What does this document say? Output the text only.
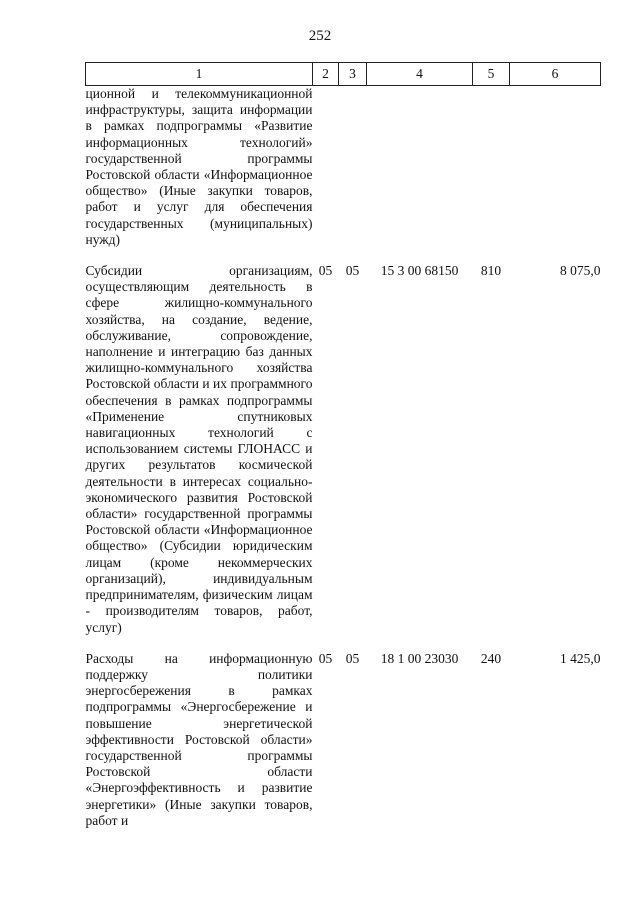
252
1	2	3	4	5	6
ционной и телекоммуникационной инфраструктуры, защита информации в рамках подпрограммы «Развитие информационных технологий» государственной программы Ростовской области «Информационное общество» (Иные закупки товаров, работ и услуг для обеспечения государственных (муниципальных) нужд)					
Субсидии организациям, осуществляющим деятельность в сфере жилищно-коммунального хозяйства, на создание, ведение, обслуживание, сопровождение, наполнение и интеграцию баз данных жилищно-коммунального хозяйства Ростовской области и их программного обеспечения в рамках подпрограммы «Применение спутниковых навигационных технологий с использованием системы ГЛОНАСС и других результатов космической деятельности в интересах социально-экономического развития Ростовской области» государственной программы Ростовской области «Информационное общество» (Субсидии юридическим лицам (кроме некоммерческих организаций), индивидуальным предпринимателям, физическим лицам - производителям товаров, работ, услуг)	05	05	15 3 00 68150	810	8 075,0
Расходы на информационную поддержку политики энергосбережения в рамках подпрограммы «Энергосбережение и повышение энергетической эффективности Ростовской области» государственной программы Ростовской области «Энергоэффективность и развитие энергетики» (Иные закупки товаров, работ и	05	05	18 1 00 23030	240	1 425,0
